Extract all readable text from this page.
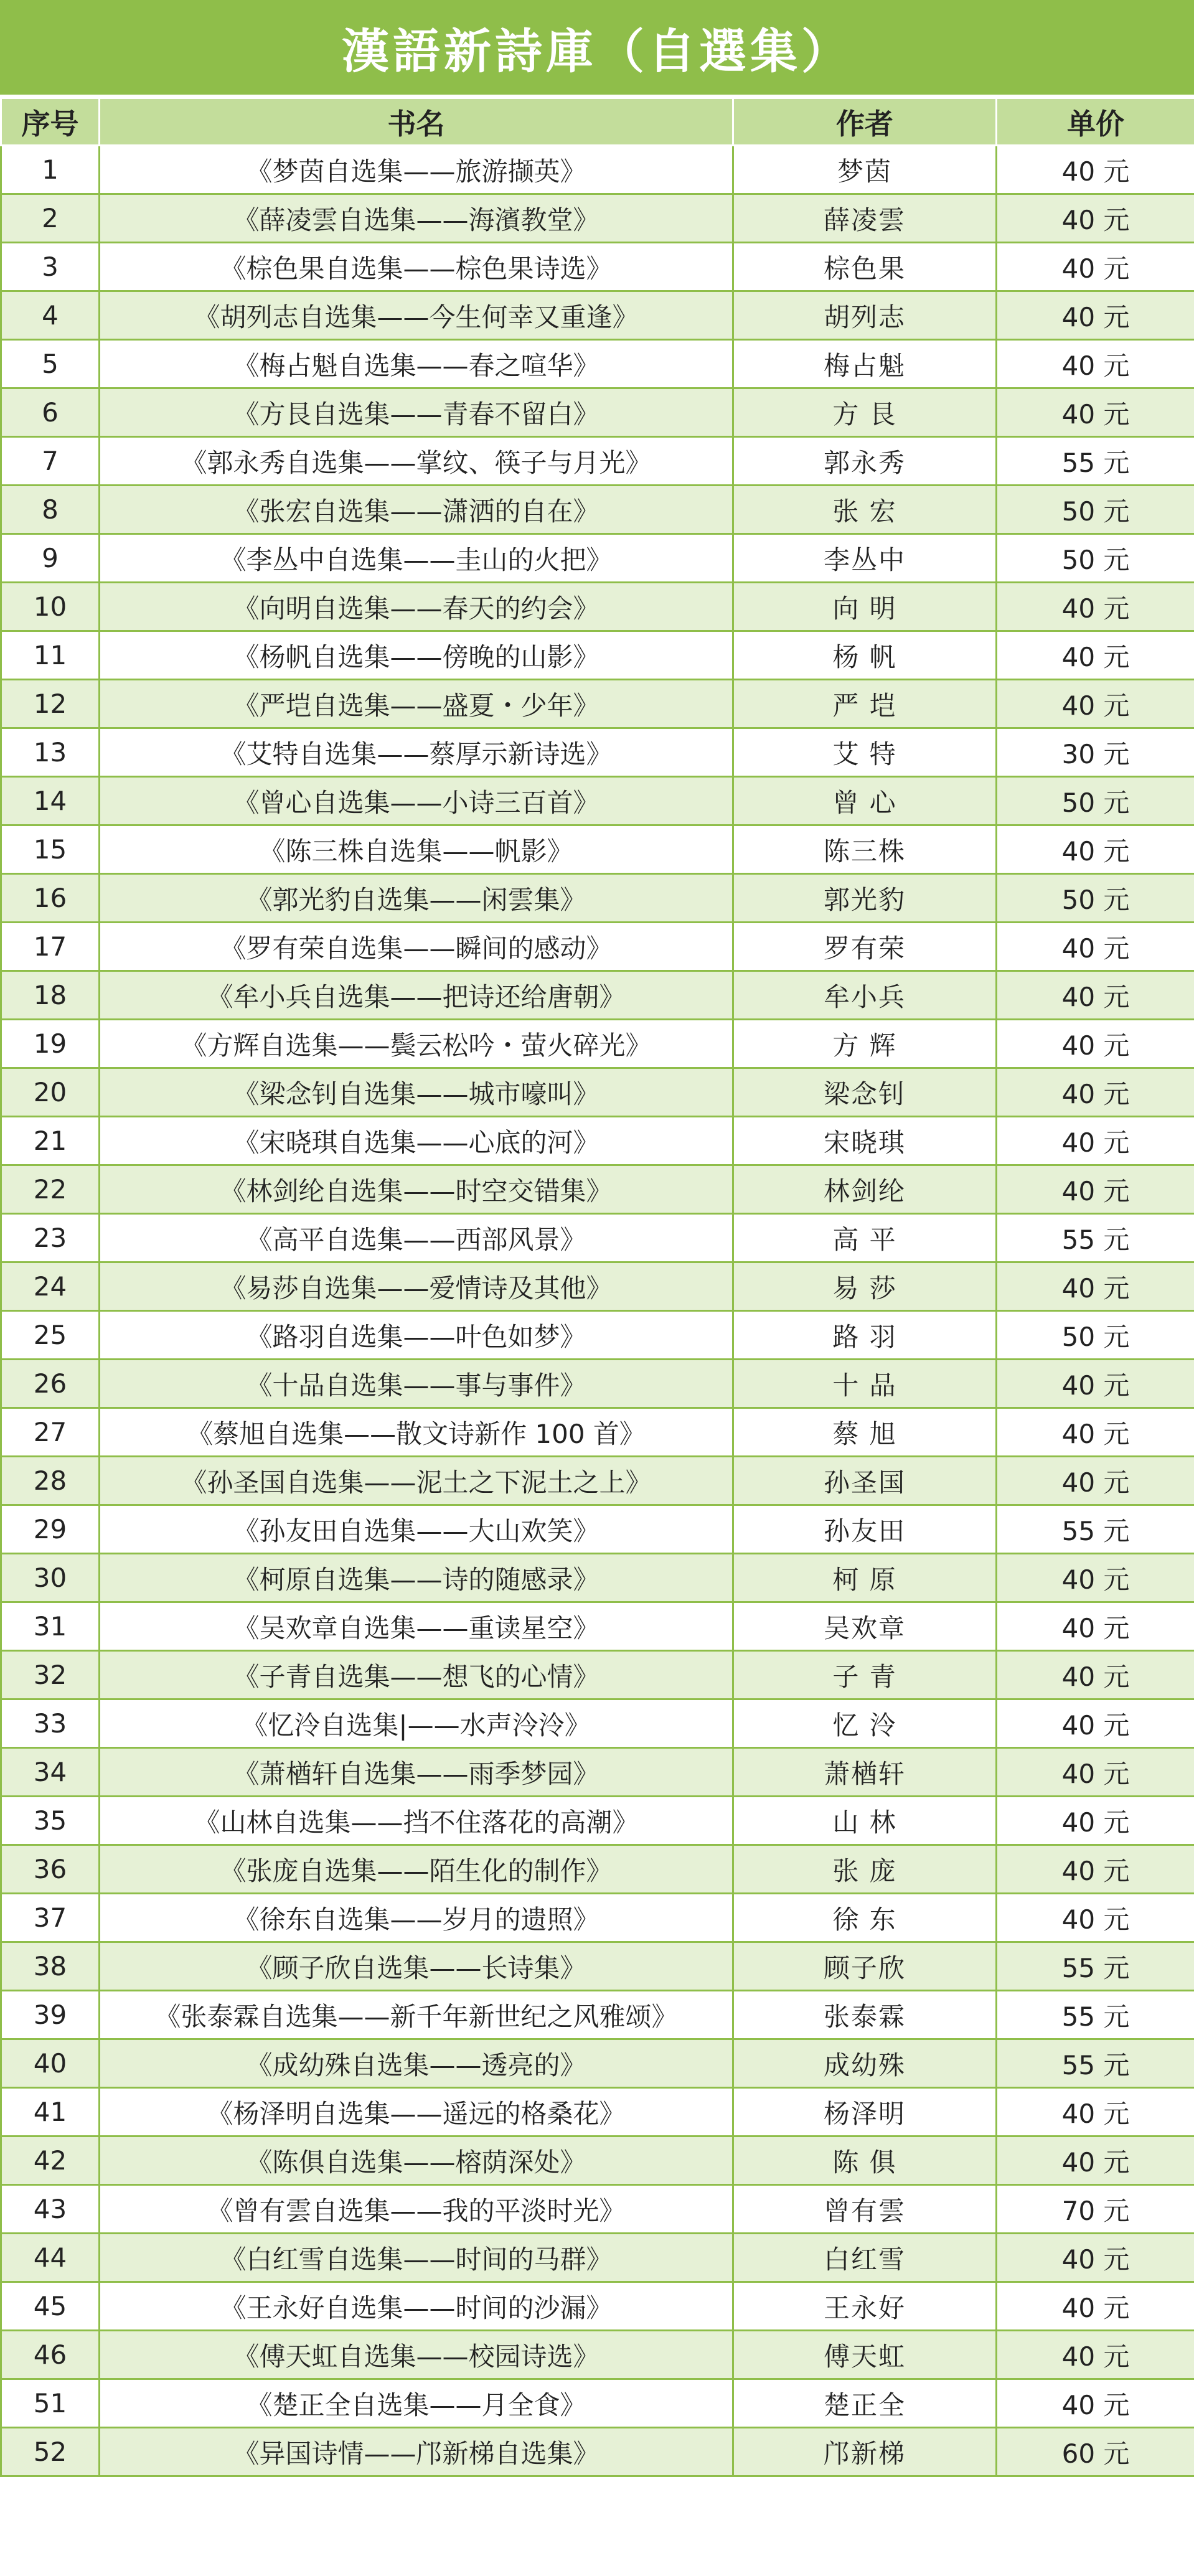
漢語新詩庫（自選集）
序号	书名	作者	单价
1	《梦茵自选集——旅游撷英》	梦茵	40 元
2	《薛凌雲自选集——海濱教堂》	薛凌雲	40 元
3	《棕色果自选集——棕色果诗选》	棕色果	40 元
4	《胡列志自选集——今生何幸又重逢》	胡列志	40 元
5	《梅占魁自选集——春之喧华》	梅占魁	40 元
6	《方艮自选集——青春不留白》	方 艮	40 元
7	《郭永秀自选集——掌纹、筷子与月光》	郭永秀	55 元
8	《张宏自选集——潇洒的自在》	张 宏	50 元
9	《李丛中自选集——圭山的火把》	李丛中	50 元
10	《向明自选集——春天的约会》	向 明	40 元
11	《杨帆自选集——傍晚的山影》	杨 帆	40 元
12	《严垲自选集——盛夏・少年》	严 垲	40 元
13	《艾特自选集——蔡厚示新诗选》	艾 特	30 元
14	《曾心自选集——小诗三百首》	曾 心	50 元
15	《陈三株自选集——帆影》	陈三株	40 元
16	《郭光豹自选集——闲雲集》	郭光豹	50 元
17	《罗有荣自选集——瞬间的感动》	罗有荣	40 元
18	《牟小兵自选集——把诗还给唐朝》	牟小兵	40 元
19	《方辉自选集——鬓云松吟・萤火碎光》	方 辉	40 元
20	《梁念钊自选集——城市嚎叫》	梁念钊	40 元
21	《宋晓琪自选集——心底的河》	宋晓琪	40 元
22	《林剑纶自选集——时空交错集》	林剑纶	40 元
23	《高平自选集——西部风景》	高 平	55 元
24	《易莎自选集——爱情诗及其他》	易 莎	40 元
25	《路羽自选集——叶色如梦》	路 羽	50 元
26	《十品自选集——事与事件》	十 品	40 元
27	《蔡旭自选集——散文诗新作 100 首》	蔡 旭	40 元
28	《孙圣国自选集——泥土之下泥土之上》	孙圣国	40 元
29	《孙友田自选集——大山欢笑》	孙友田	55 元
30	《柯原自选集——诗的随感录》	柯 原	40 元
31	《吴欢章自选集——重读星空》	吴欢章	40 元
32	《子青自选集——想飞的心情》	子 青	40 元
33	《忆泠自选集|——水声泠泠》	忆 泠	40 元
34	《萧楢轩自选集——雨季梦园》	萧楢轩	40 元
35	《山林自选集——挡不住落花的高潮》	山 林	40 元
36	《张庞自选集——陌生化的制作》	张 庞	40 元
37	《徐东自选集——岁月的遗照》	徐 东	40 元
38	《顾子欣自选集——长诗集》	顾子欣	55 元
39	《张泰霖自选集——新千年新世纪之风雅颂》	张泰霖	55 元
40	《成幼殊自选集——透亮的》	成幼殊	55 元
41	《杨泽明自选集——遥远的格桑花》	杨泽明	40 元
42	《陈俱自选集——榕荫深处》	陈 俱	40 元
43	《曾有雲自选集——我的平淡时光》	曾有雲	70 元
44	《白红雪自选集——时间的马群》	白红雪	40 元
45	《王永好自选集——时间的沙漏》	王永好	40 元
46	《傅天虹自选集——校园诗选》	傅天虹	40 元
51	《楚正全自选集——月全食》	楚正全	40 元
52	《异国诗情——邝新梯自选集》	邝新梯	60 元
